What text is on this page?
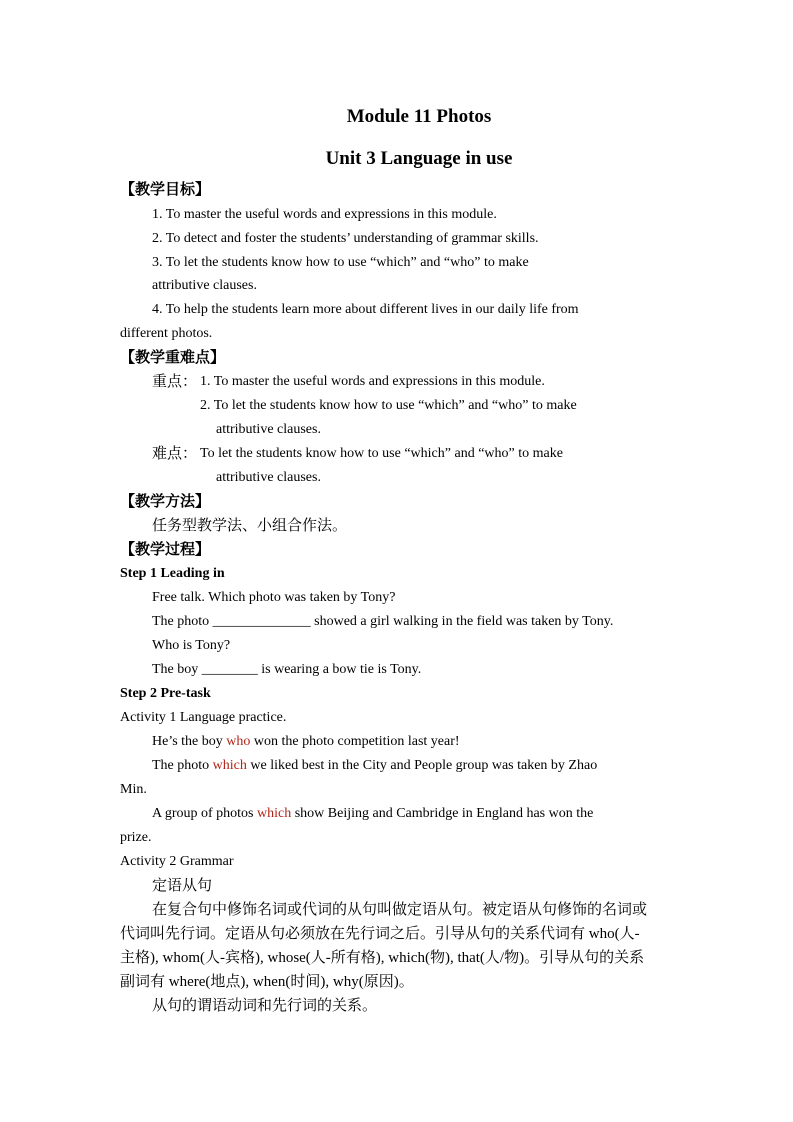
Module 11 Photos
Unit 3 Language in use
【教学目标】
1. To master the useful words and expressions in this module.
2. To detect and foster the students’ understanding of grammar skills.
3. To let the students know how to use “which” and “who” to make
attributive clauses.
4. To help the students learn more about different lives in our daily life from
different photos.
【教学重难点】
重点： 1. To master the useful words and expressions in this module.
2. To let the students know how to use “which” and “who” to make
attributive clauses.
难点： To let the students know how to use “which” and “who” to make
attributive clauses.
【教学方法】
任务型教学法、小组合作法。
【教学过程】
Step 1 Leading in
Free talk. Which photo was taken by Tony?
The photo ______________ showed a girl walking in the field was taken by Tony.
Who is Tony?
The boy ________ is wearing a bow tie is Tony.
Step 2 Pre-task
Activity 1 Language practice.
He’s the boy who won the photo competition last year!
The photo which we liked best in the City and People group was taken by Zhao
Min.
A group of photos which show Beijing and Cambridge in England has won the
prize.
Activity 2 Grammar
定语从句
在复合句中修饰名词或代词的从句叫做定语从句。被定语从句修饰的名词或
代词叫先行词。定语从句必须放在先行词之后。引导从句的关系代词有 who(人-
主格), whom(人-宾格), whose(人-所有格), which(物), that(人/物)。引导从句的关系
副词有 where(地点), when(时间), why(原因)。
从句的谓语动词和先行词的关系。
